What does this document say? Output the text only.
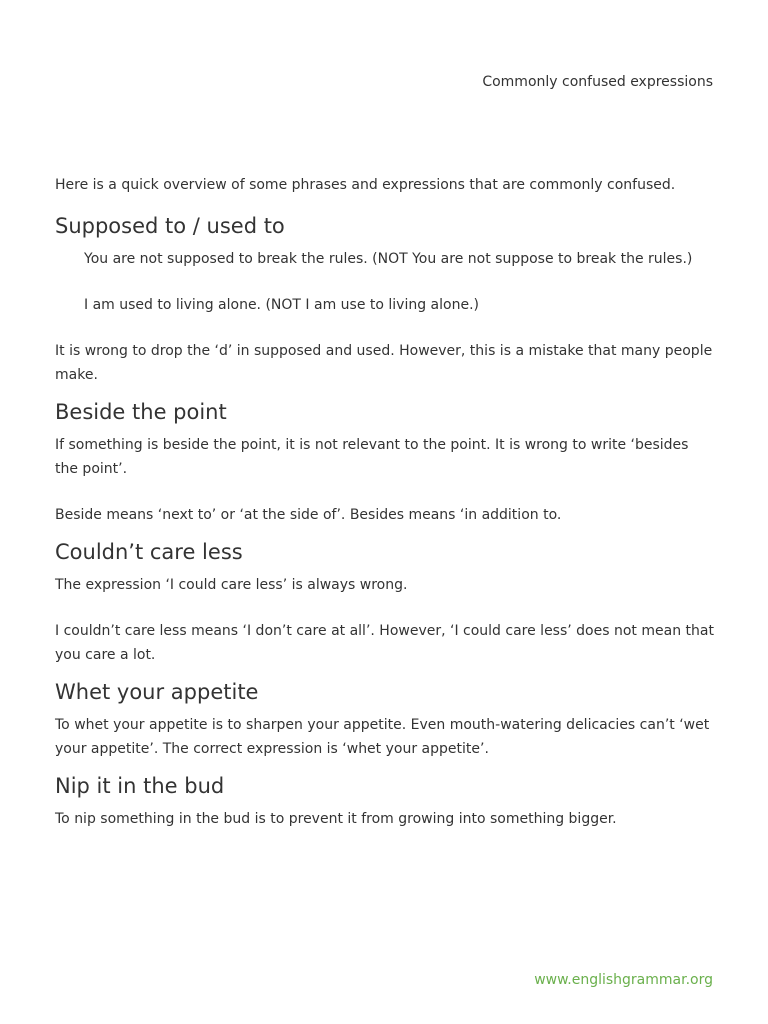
Commonly confused expressions

Here is a quick overview of some phrases and expressions that are commonly confused.

Supposed to / used to

You are not supposed to break the rules. (NOT You are not suppose to break the rules.)

I am used to living alone. (NOT I am use to living alone.)

It is wrong to drop the ‘d’ in supposed and used. However, this is a mistake that many people make.

Beside the point

If something is beside the point, it is not relevant to the point. It is wrong to write ‘besides the point’.

Beside means ‘next to’ or ‘at the side of’. Besides means ‘in addition to.

Couldn’t care less

The expression ‘I could care less’ is always wrong.

I couldn’t care less means ‘I don’t care at all’. However, ‘I could care less’ does not mean that you care a lot.

Whet your appetite

To whet your appetite is to sharpen your appetite. Even mouth-watering delicacies can’t ‘wet your appetite’. The correct expression is ‘whet your appetite’.

Nip it in the bud

To nip something in the bud is to prevent it from growing into something bigger.

www.englishgrammar.org
